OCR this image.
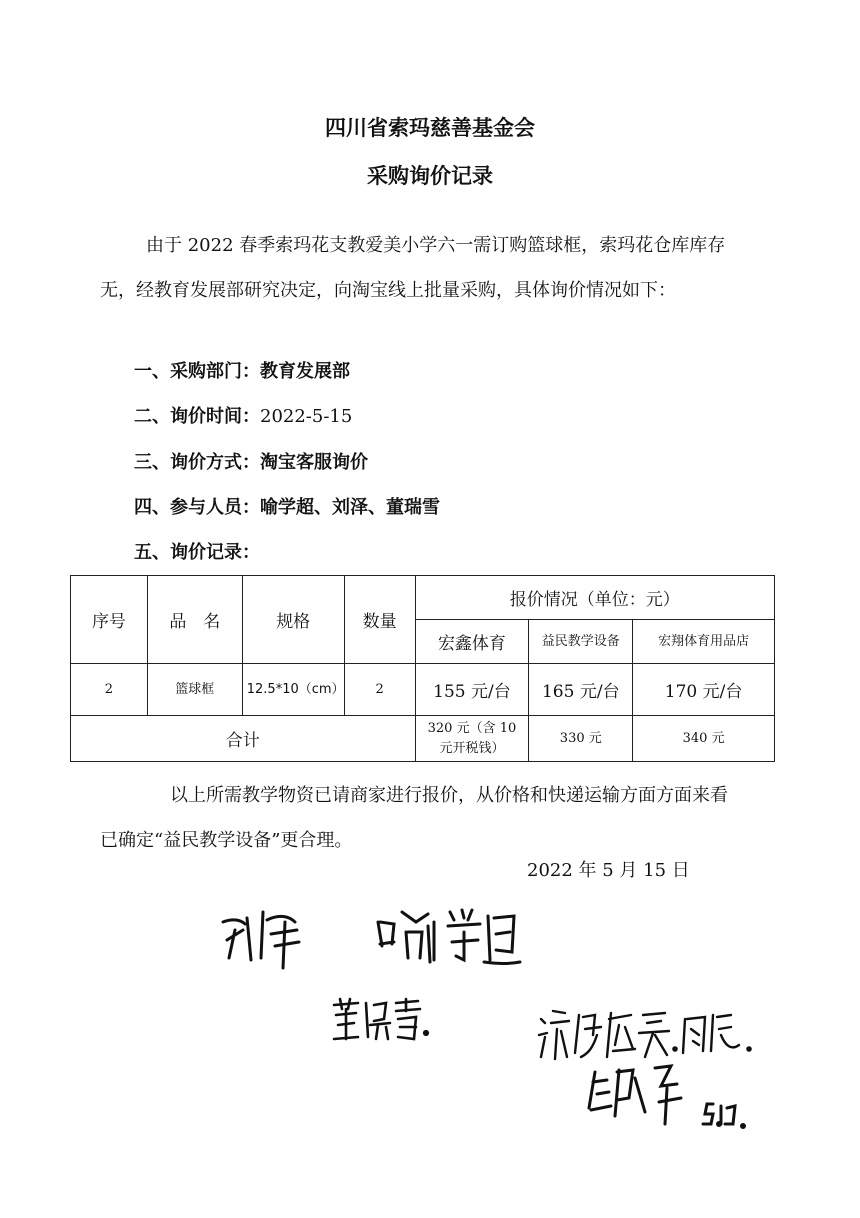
四川省索玛慈善基金会
采购询价记录
由于 2022 春季索玛花支教爱美小学六一需订购篮球框，索玛花仓库库存无，经教育发展部研究决定，向淘宝线上批量采购，具体询价情况如下：
一、采购部门：教育发展部
二、询价时间：2022-5-15
三、询价方式：淘宝客服询价
四、参与人员：喻学超、刘泽、董瑞雪
五、询价记录：
序号	品　名	规格	数量	报价情况（单位：元）		
				宏鑫体育	益民教学设备	宏翔体育用品店
2	篮球框	12.5*10（cm）	2	155 元/台	165 元/台	170 元/台
合计				320 元（含 10 元开税钱）	330 元	340 元
以上所需教学物资已请商家进行报价，从价格和快递运输方面方面来看已确定“益民教学设备”更合理。
2022 年 5 月 15 日
